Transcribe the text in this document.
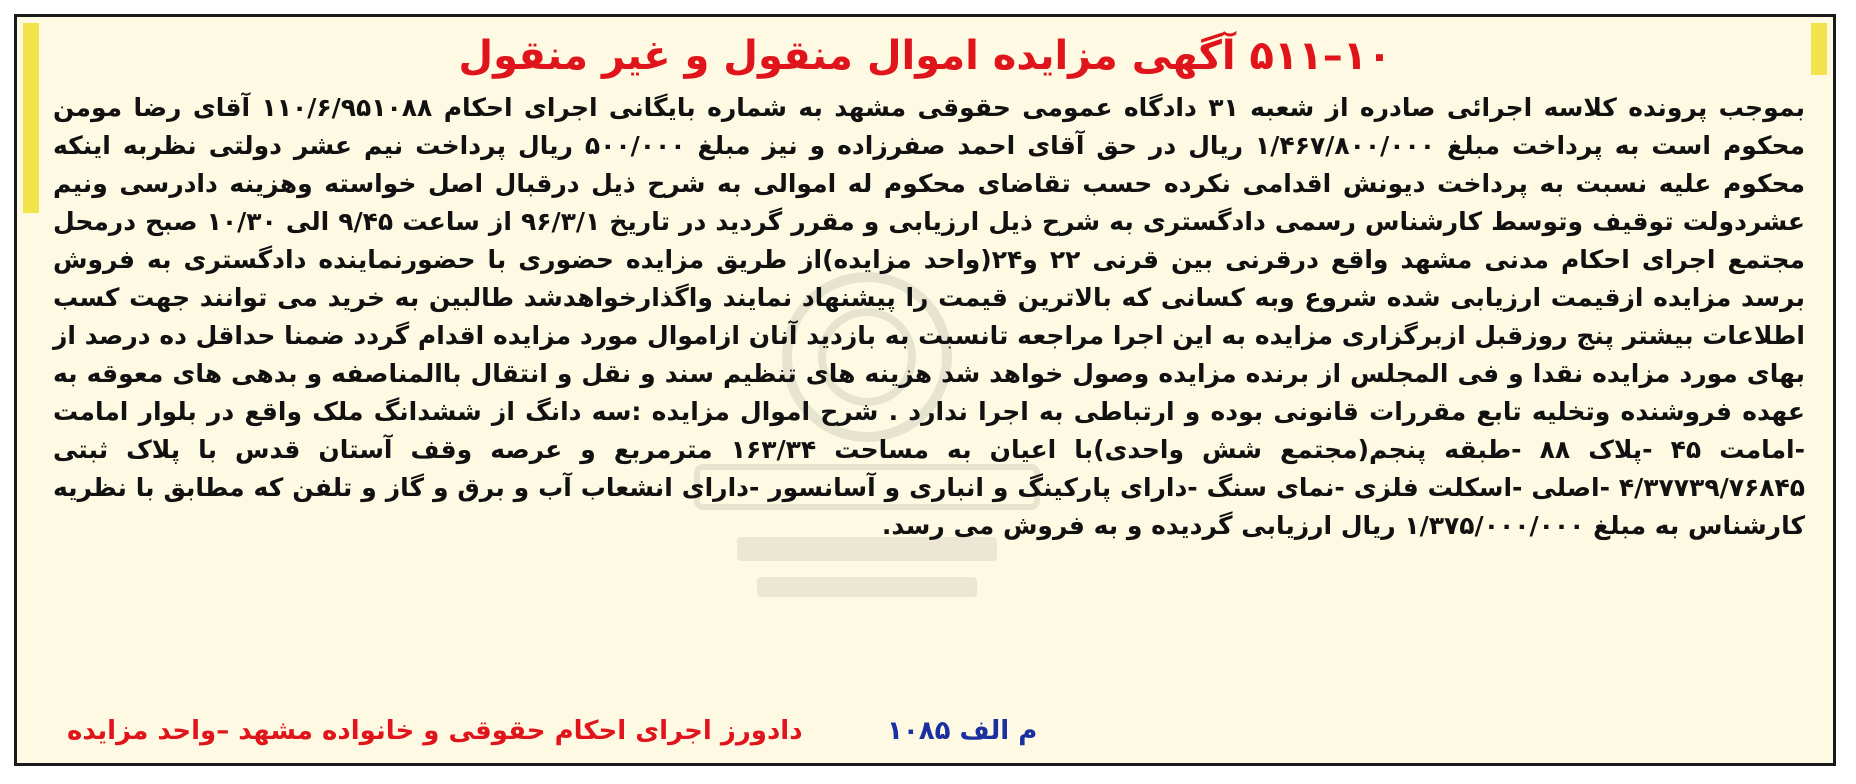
۱۰–۵۱۱ آگهی مزایده اموال منقول و غیر منقول

بموجب پرونده کلاسه اجرائی صادره از شعبه ۳۱ دادگاه عمومی حقوقی مشهد به شماره بایگانی اجرای احکام ۱۱۰/۶/۹۵۱۰۸۸ آقای رضا مومن محکوم است به پرداخت مبلغ ۱/۴۶۷/۸۰۰/۰۰۰ ریال در حق آقای احمد صفرزاده و نیز مبلغ ۵۰۰/۰۰۰ ریال پرداخت نیم عشر دولتی نظربه اینکه محکوم علیه نسبت به پرداخت دیونش اقدامی نکرده حسب تقاضای محکوم له اموالی به شرح ذیل درقبال اصل خواسته وهزینه دادرسی ونیم عشردولت توقیف وتوسط کارشناس رسمی دادگستری به شرح ذیل ارزیابی و مقرر گردید در تاریخ ۹۶/۳/۱ از ساعت ۹/۴۵ الی ۱۰/۳۰ صبح درمحل مجتمع اجرای احکام مدنی مشهد واقع درقرنی بین قرنی ۲۲ و۲۴(واحد مزایده)از طریق مزایده حضوری با حضورنماینده دادگستری به فروش برسد مزایده ازقیمت ارزیابی شده شروع وبه کسانی که بالاترین قیمت را پیشنهاد نمایند واگذارخواهدشد طالبین به خرید می توانند جهت کسب اطلاعات بیشتر پنج روزقبل ازبرگزاری مزایده به این اجرا مراجعه تانسبت به بازدید آنان ازاموال مورد مزایده اقدام گردد ضمنا حداقل ده درصد از بهای مورد مزایده نقدا و فی المجلس از برنده مزایده وصول خواهد شد هزینه های تنظیم سند و نقل و انتقال باالمناصفه و بدهی های معوقه به عهده فروشنده وتخلیه تابع مقررات قانونی بوده و ارتباطی به اجرا ندارد . شرح اموال مزایده :سه دانگ از ششدانگ ملک واقع در بلوار امامت -امامت ۴۵ -پلاک ۸۸ -طبقه پنجم(مجتمع شش واحدی)با اعیان به مساحت ۱۶۳/۳۴ مترمربع و عرصه وقف آستان قدس با پلاک ثبتی ۴/۳۷۷۳۹/۷۶۸۴۵ -اصلی -اسکلت فلزی -نمای سنگ -دارای پارکینگ و انباری و آسانسور -دارای انشعاب آب و برق و گاز و تلفن که مطابق با نظریه کارشناس به مبلغ ۱/۳۷۵/۰۰۰/۰۰۰ ریال ارزیابی گردیده و به فروش می رسد.

م الف ۱۰۸۵
دادورز اجرای احکام حقوقی و خانواده مشهد –واحد مزایده
